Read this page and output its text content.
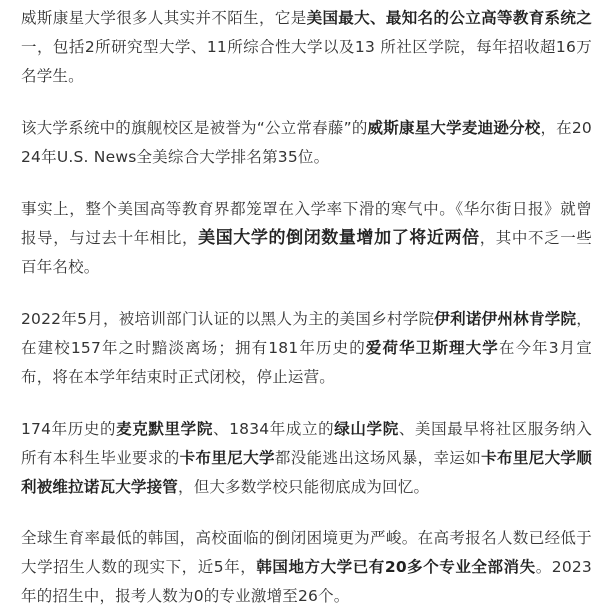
威斯康星大学很多人其实并不陌生，它是美国最大、最知名的公立高等教育系统之一，包括2所研究型大学、11所综合性大学以及13 所社区学院，每年招收超16万名学生。

该大学系统中的旗舰校区是被誉为“公立常春藤”的威斯康星大学麦迪逊分校，在2024年U.S. News全美综合大学排名第35位。

事实上，整个美国高等教育界都笼罩在入学率下滑的寒气中。《华尔街日报》就曾报导，与过去十年相比，美国大学的倒闭数量增加了将近两倍，其中不乏一些百年名校。

2022年5月，被培训部门认证的以黑人为主的美国乡村学院伊利诺伊州林肯学院，在建校157年之时黯淡离场；拥有181年历史的爱荷华卫斯理大学在今年3月宣布，将在本学年结束时正式闭校，停止运营。

174年历史的麦克默里学院、1834年成立的绿山学院、美国最早将社区服务纳入所有本科生毕业要求的卡布里尼大学都没能逃出这场风暴，幸运如卡布里尼大学顺利被维拉诺瓦大学接管，但大多数学校只能彻底成为回忆。

全球生育率最低的韩国，高校面临的倒闭困境更为严峻。在高考报名人数已经低于大学招生人数的现实下，近5年，韩国地方大学已有20多个专业全部消失。2023年的招生中，报考人数为0的专业激增至26个。
